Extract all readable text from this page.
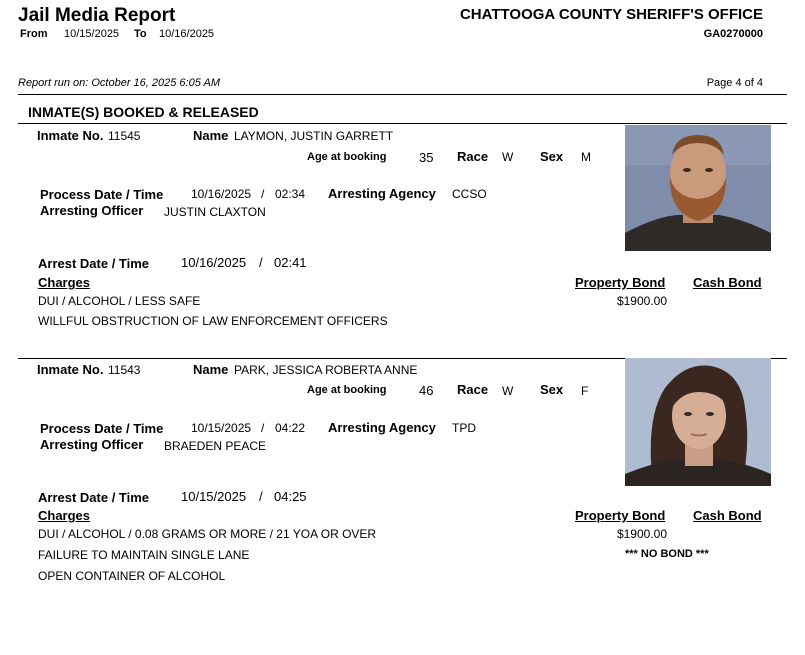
Jail Media Report
From 10/15/2025 To 10/16/2025
CHATTOOGA COUNTY SHERIFF'S OFFICE
GA0270000
Report run on: October 16, 2025 6:05 AM	Page 4 of 4
INMATE(S) BOOKED & RELEASED
Inmate No. 11545	Name LAYMON, JUSTIN GARRETT
Age at booking	35 Race W Sex M
Process Date / Time 10/16/2025 / 02:34 Arresting Agency CCSO
Arresting Officer JUSTIN CLAXTON
Arrest Date / Time 10/16/2025 / 02:41
Charges	Property Bond Cash Bond
DUI / ALCOHOL / LESS SAFE	$1900.00
WILLFUL OBSTRUCTION OF LAW ENFORCEMENT OFFICERS
Inmate No. 11543	Name PARK, JESSICA ROBERTA ANNE
Age at booking	46 Race W Sex F
Process Date / Time 10/15/2025 / 04:22 Arresting Agency TPD
Arresting Officer BRAEDEN PEACE
Arrest Date / Time 10/15/2025 / 04:25
Charges	Property Bond Cash Bond
DUI / ALCOHOL / 0.08 GRAMS OR MORE / 21 YOA OR OVER	$1900.00
FAILURE TO MAINTAIN SINGLE LANE	*** NO BOND ***
OPEN CONTAINER OF ALCOHOL
